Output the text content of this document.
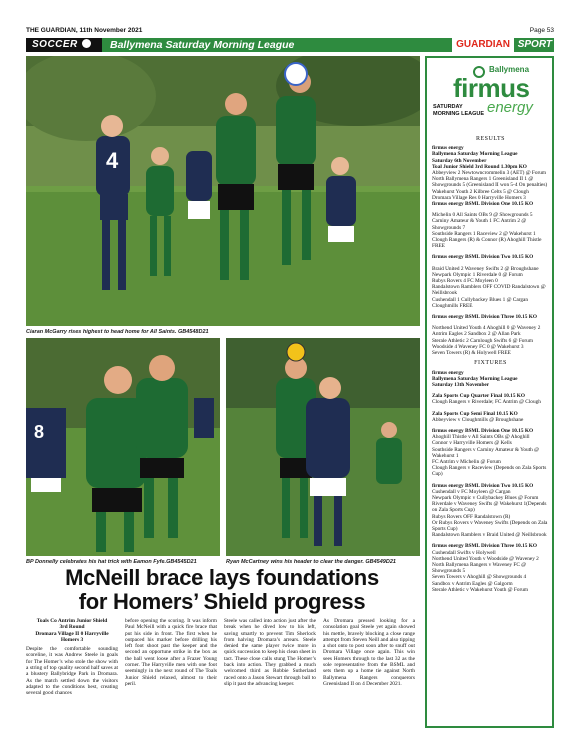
THE GUARDIAN, 11th November 2021	Page 53
SOCCER	Ballymena Saturday Morning League	GUARDIAN SPORT
4
Ciaran McGarry rises highest to head home for All Saints. GB4548D21
8
BP Donnelly celebrates his hat trick with Eamon Fyfe.GB4545D21	Ryan McCartney wins his header to clear the danger. GB4549D21
McNeill brace lays foundations

Toals Co Antrim Junior Shield

3rd Round

Dromara Village II 0 Harryville

Homers 3

Despite the comfortable sounding scoreline, it was Andrew Steele in goals for The Homer’s who stole the show with a string of top quality second half saves at a blustery Ballybridge Park in Dromara. As the match settled down the visitors adapted to the conditions best, creating several good chances

before opening the scoring. It was inform Paul McNeill with a quick fire brace that put his side in front. The first when he outpaced his marker before drilling his left foot shoot past the keeper and the second an opportune strike in the box as the ball went loose after a Frazer Young corner. The Harryville men with one foot seemingly in the next round of The Toals Junior Shield relaxed, almost to their peril.

Steele was called into action just after the break when he dived low to his left, saving smartly to prevent Tim Sherlock from halving Dromara’s arrears. Steele denied the same player twice more in quick succession to keep his clean sheet in tact. These close calls stung The Homer’s back into action. They grabbed a much welcomed third as Robbie Sutherland raced onto a Jason Stewart through ball to slip it past the advancing keeper.

As Dromara pressed looking for a consolation goal Steele yet again showed his mettle, bravely blocking a close range attempt from Steven Neill and also tipping a shot onto to post soon after to snuff out Dromara Village once again. This win sees Homers through to the last 32 as the sole representative from the BSML and sets them up a home tie against North Ballymena Rangers conquerors Greenisland II on 4 December 2021.

Ballymena
firmus
energy
SATURDAY
MORNING LEAGUE
RESULTS
firmus energy
Ballymena Saturday Morning League
Saturday 6th November
Toal Junior Shield 3rd Round 1.30pm KO
Abbeyview 2 Newtowncrommelin 3 (AET) @ Forum
North Ballymena Rangers 1 Greenisland II 1 @ Showgrounds 5 (Greenisland II won 5-4 On penalties)
Wakehurst Youth 2 Kilbree Celts 5 @ Clough
Dromara Village Res 0 Harryville Homers 3
firmus energy BSML Division One 10.15 KO
Michelin 0 All Saints OBs 9 @ Showgrounds 5
Carniny Amateur & Youth 1 FC Antrim 2 @ Showgrounds 7
Southside Rangers 1 Raceview 2 @ Wakehurst 1
Clough Rangers (R) & Connor (R) Ahoghill Thistle FREE
firmus energy BSML Division Two 10.15 KO
Braid United 2 Waveney Swifts 2 @ Broughshane
Newpark Olympic 1 Riverdale 0 @ Forum
Rubys Rovers 4 FC Moyleen 0
Randalstown Ramblers OFF COVID Randalstown @ Neillsbrook
Cushendall 1 Cullybackey Blues 1 @ Cargan
Cloughmills FREE
firmus energy BSML Division Three 10.15 KO
Northend United Youth 4 Ahoghill 0 @ Waveney 2
Antrim Eagles 2 Sandbox 2 @ Allan Park
Sterale Athletic 2 Carnlough Swifts 6 @ Forum
Woodside 4 Waveney FC 0 @ Wakehurst 3
Seven Towers (R) & Holywell FREE
FIXTURES
firmus energy
Ballymena Saturday Morning League
Saturday 13th November
Zala Sports Cup Quarter Final 10.15 KO
Clough Rangers v Riverdale; FC Antrim @ Clough
Zala Sports Cup Semi Final 10.15 KO
Abbeyview v Cloughmills @ Broughshane
firmus energy BSML Division One 10.15 KO
Ahoghill Thistle v All Saints OBs @ Ahoghill
Connor v Harryville Homers @ Kells
Southside Rangers v Carniny Amateur & Youth @ Wakehurst 1
FC Antrim v Michelin @ Forum
Clough Rangers v Raceview (Depends on Zala Sports Cup)
firmus energy BSML Division Two 10.15 KO
Cushendall v FC Moyleen @ Cargan
Newpark Olympic v Cullybackey Blues @ Forum
Riverdale v Waveney Swifts @ Wakehurst 1(Depends on Zala Sports Cup)
Rubys Rovers OFF Randalstown (R)
Or Rubys Rovers v Waveney Swifts (Depends on Zala Sports Cup)
Randalstown Ramblers v Braid United @ Neillsbrook
firmus energy BSML Division Three 10.15 KO
Cushendall Swifts v Holywell
Northend United Youth v Woodside @ Waveney 2
North Ballymena Rangers v Waveney FC @ Showgrounds 5
Seven Towers v Ahoghill @ Showgrounds 4
Sandbox v Antrim Eagles @ Galgorm
Sterale Athletic v Wakehurst Youth @ Forum
for Homers’ Shield progress
